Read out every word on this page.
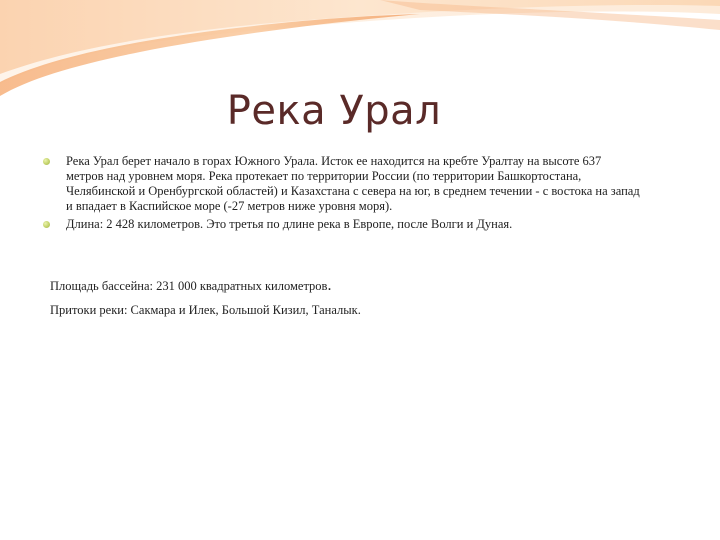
Река Урал
Река Урал берет начало в горах Южного Урала. Исток ее находится на кребте Уралтау на высоте 637 метров над уровнем моря. Река протекает по территории России (по территории Башкортостана, Челябинской и Оренбургской областей) и Казахстана с севера на юг, в среднем течении - с востока на запад и впадает в Каспийское море (-27 метров ниже уровня моря).
Длина: 2 428 километров. Это третья по длине река в Европе, после Волги и Дуная.
Площадь бассейна: 231 000 квадратных километров.
Притоки реки: Сакмара и Илек, Большой Кизил, Таналык.
